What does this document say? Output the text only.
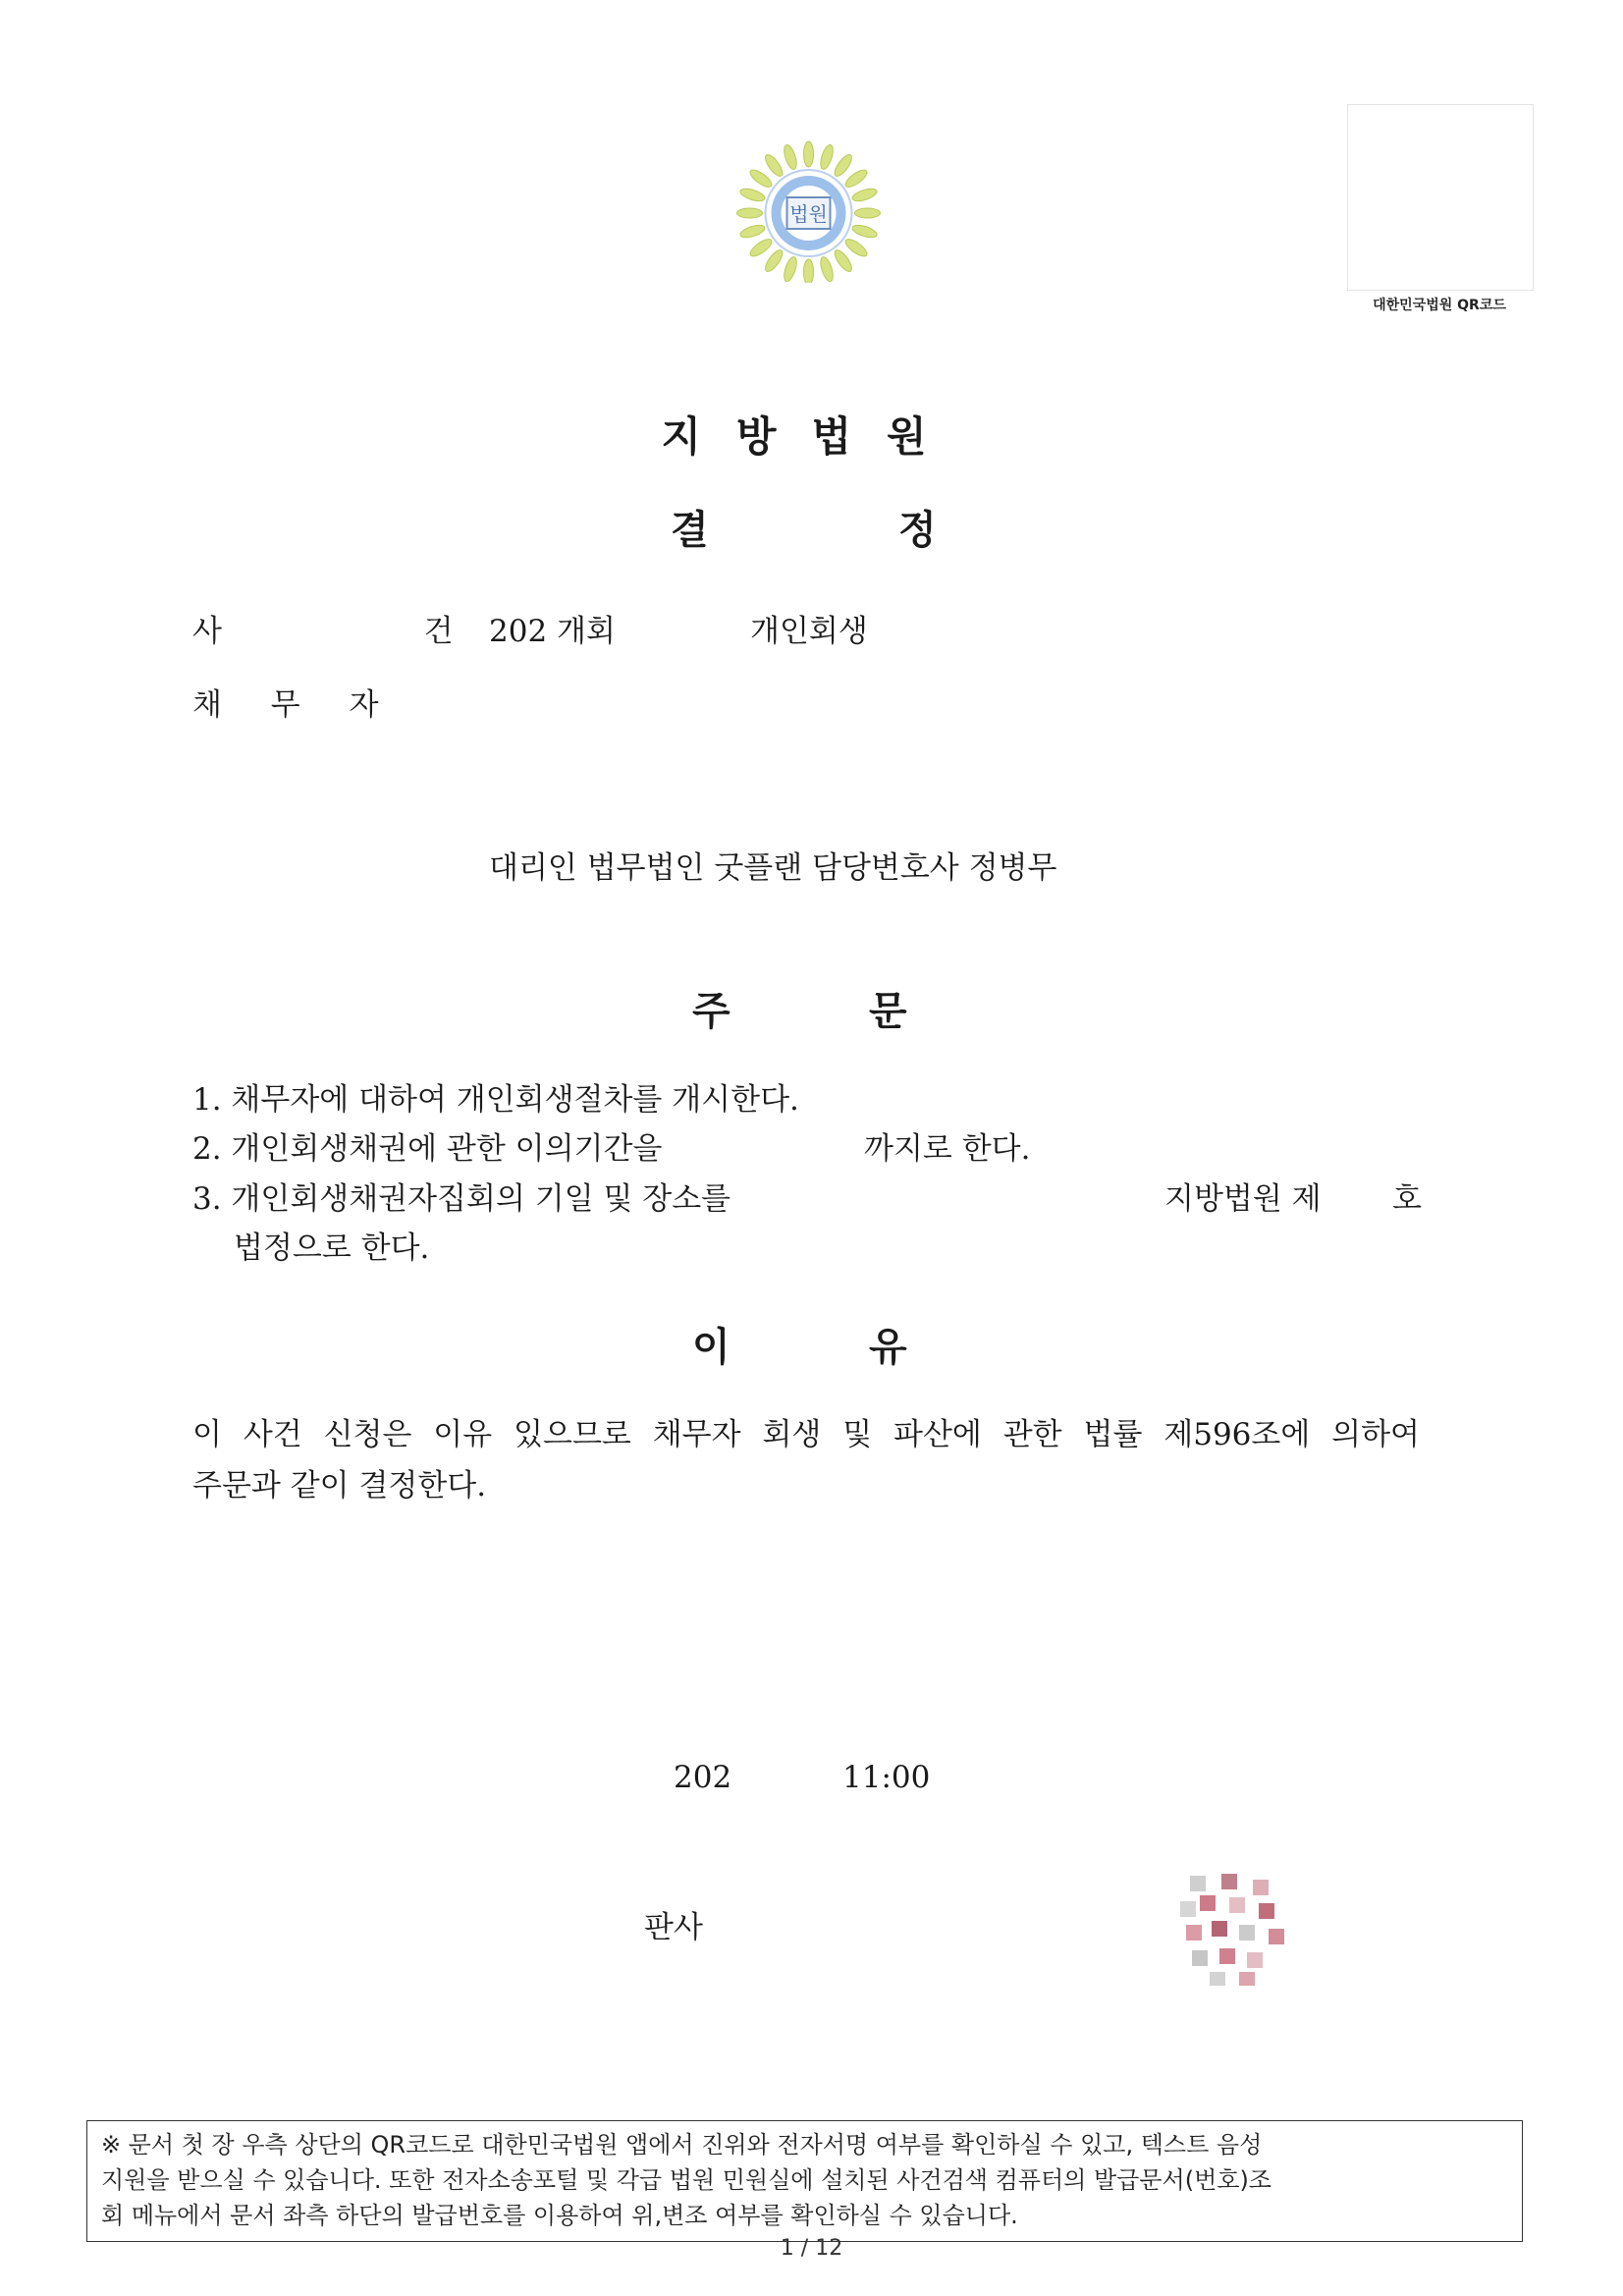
법원
대한민국법원 QR코드
지방법원
결	정
사  건
202 개회	개인회생
채 무 자
대리인 법무법인 굿플랜 담당변호사 정병무
주	문
1. 채무자에 대하여 개인회생절차를 개시한다.
2. 개인회생채권에 관한 이의기간을	까지로 한다.
3. 개인회생채권자집회의 기일 및 장소를	지방법원 제 호
법정으로 한다.
이	유
이 사건 신청은 이유 있으므로 채무자 회생 및 파산에 관한 법률 제596조에 의하여
주문과 같이 결정한다.
202	11:00
판사
※ 문서 첫 장 우측 상단의 QR코드로 대한민국법원 앱에서 진위와 전자서명 여부를 확인하실 수 있고, 텍스트 음성
지원을 받으실 수 있습니다. 또한 전자소송포털 및 각급 법원 민원실에 설치된 사건검색 컴퓨터의 발급문서(번호)조
회 메뉴에서 문서 좌측 하단의 발급번호를 이용하여 위,변조 여부를 확인하실 수 있습니다.
1 / 12
